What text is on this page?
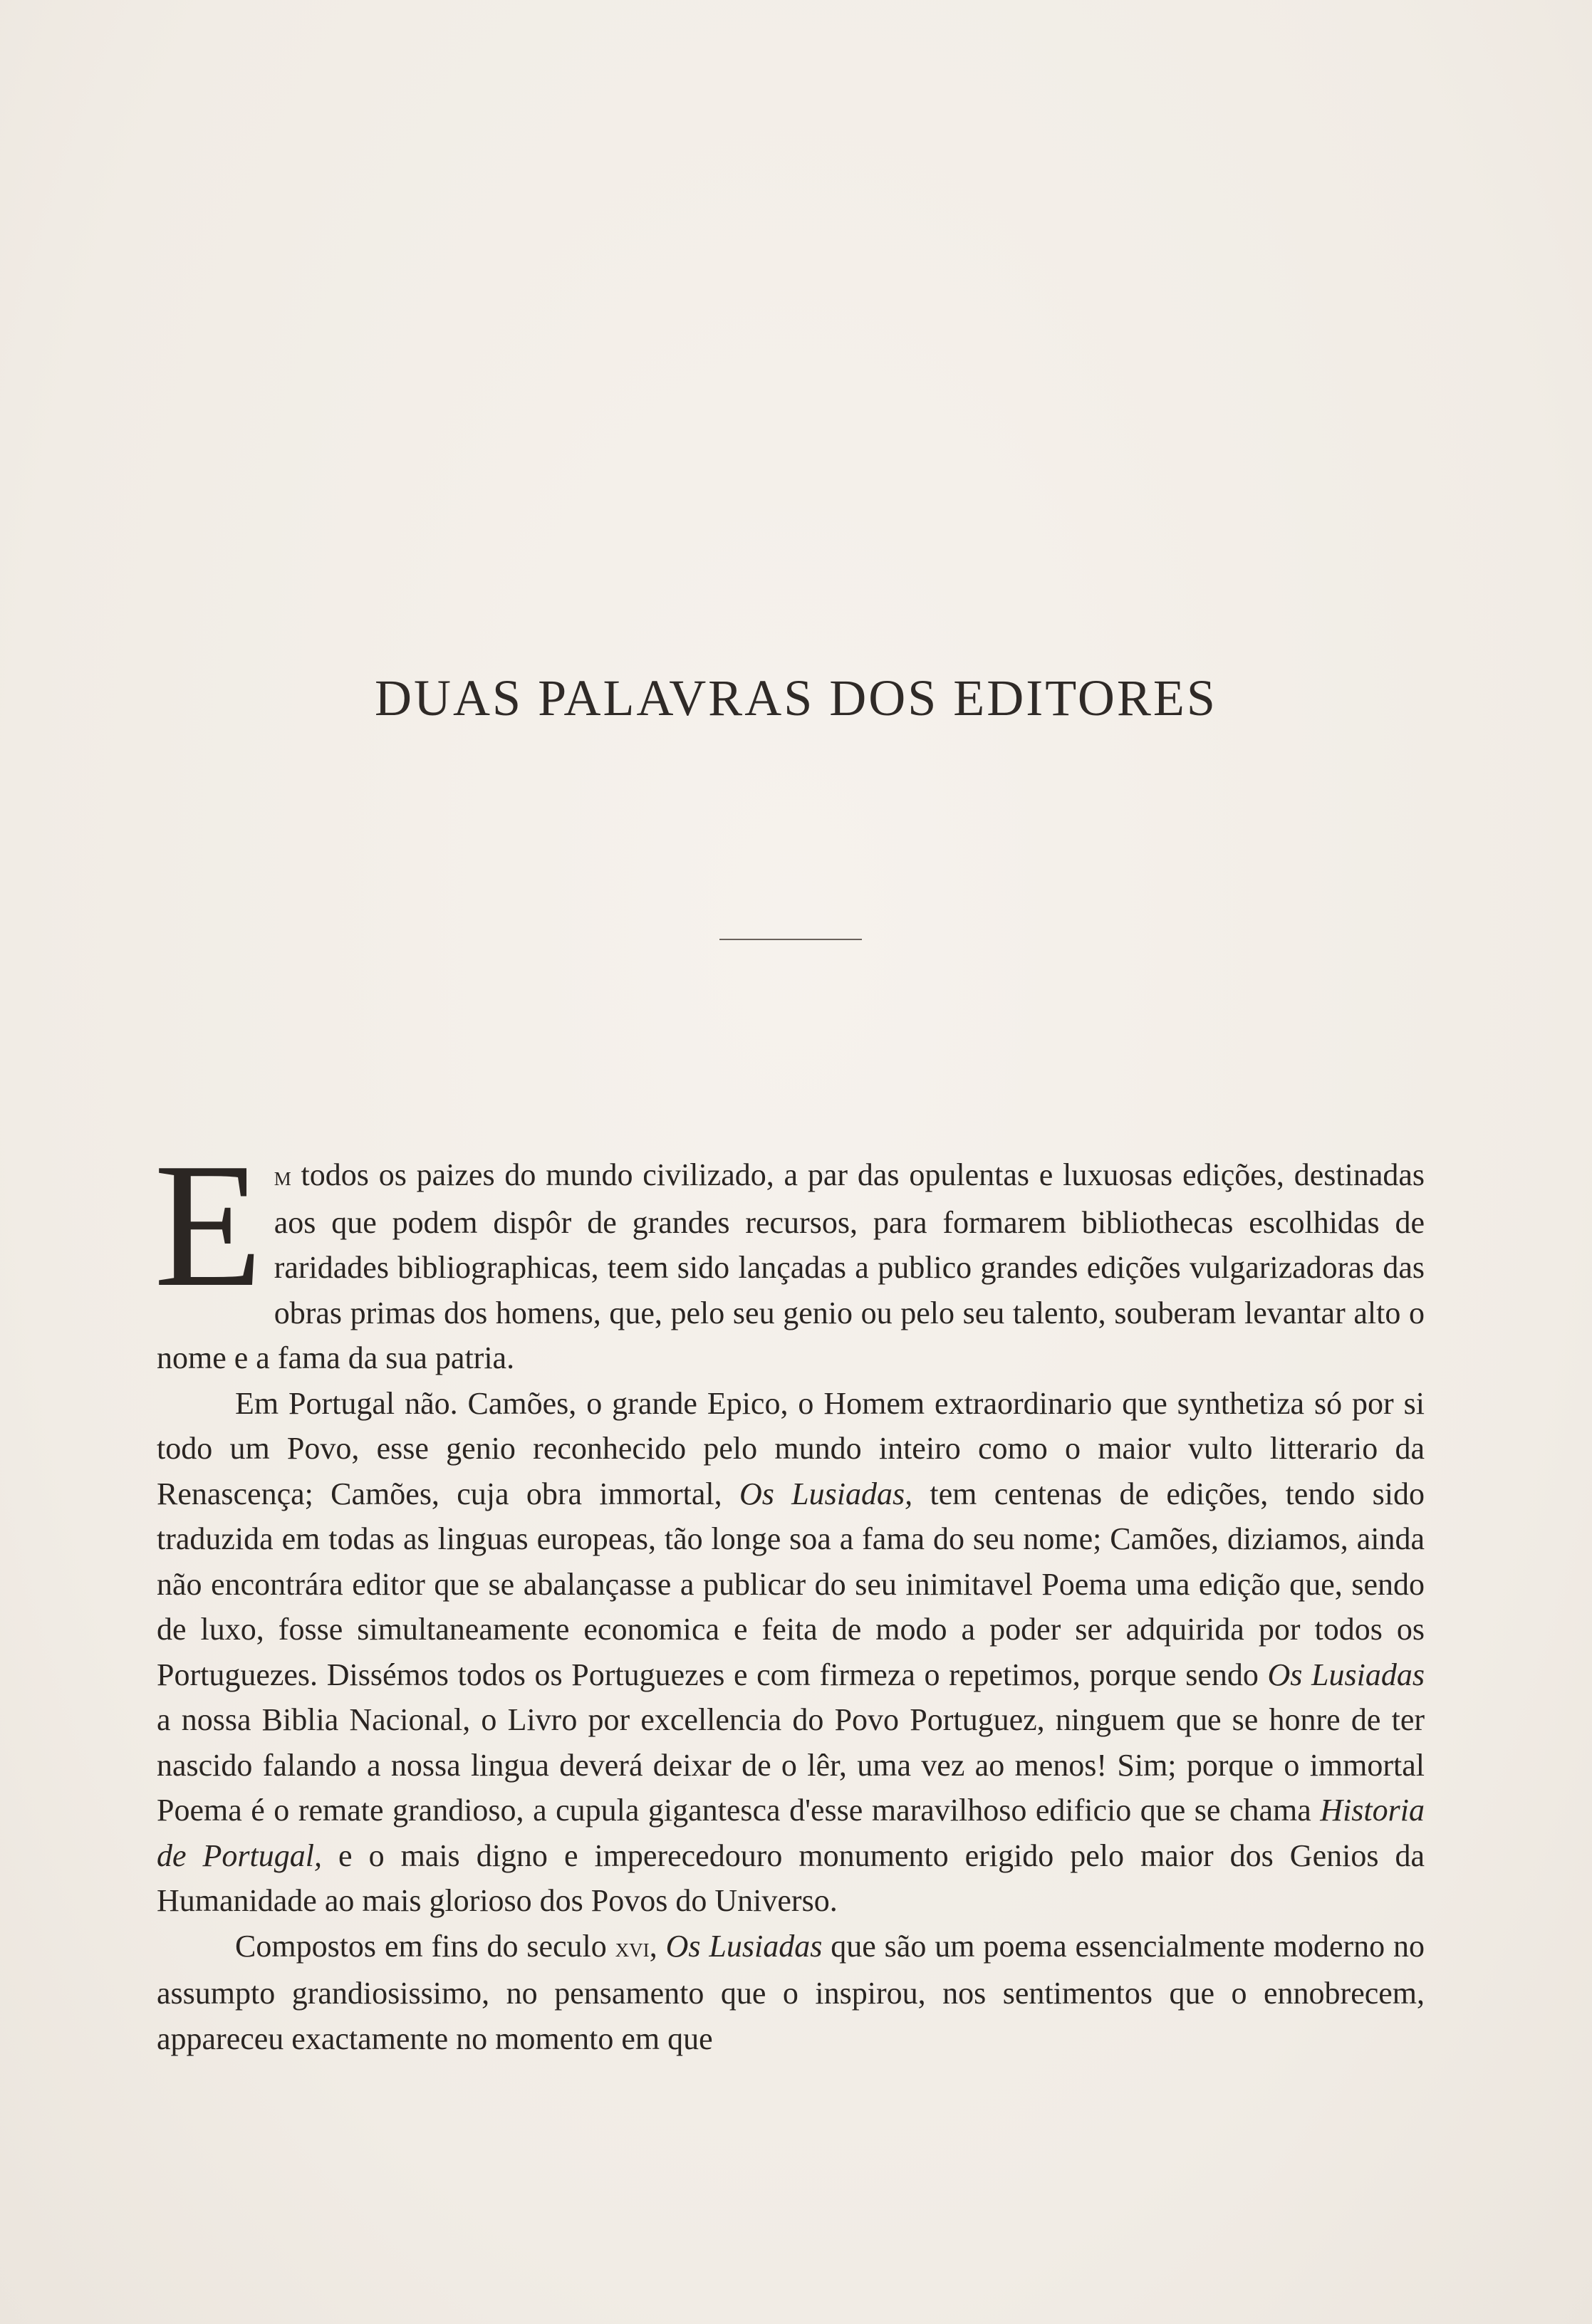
DUAS PALAVRAS DOS EDITORES

Em todos os paizes do mundo civilizado, a par das opulentas e luxuosas edições, destinadas aos que podem dispôr de grandes recursos, para formarem bibliothecas escolhidas de raridades bibliographicas, teem sido lançadas a publico grandes edições vulgarizadoras das obras primas dos homens, que, pelo seu genio ou pelo seu talento, souberam levantar alto o nome e a fama da sua patria.

Em Portugal não. Camões, o grande Epico, o Homem extraordinario que synthetiza só por si todo um Povo, esse genio reconhecido pelo mundo inteiro como o maior vulto litterario da Renascença; Camões, cuja obra immortal, Os Lusiadas, tem centenas de edições, tendo sido traduzida em todas as linguas europeas, tão longe soa a fama do seu nome; Camões, diziamos, ainda não encontrára editor que se abalançasse a publicar do seu inimitavel Poema uma edição que, sendo de luxo, fosse simultaneamente economica e feita de modo a poder ser adquirida por todos os Portuguezes. Dissémos todos os Portuguezes e com firmeza o repetimos, porque sendo Os Lusiadas a nossa Biblia Nacional, o Livro por excellencia do Povo Portuguez, ninguem que se honre de ter nascido falando a nossa lingua deverá deixar de o lêr, uma vez ao menos! Sim; porque o immortal Poema é o remate grandioso, a cupula gigantesca d'esse maravilhoso edificio que se chama Historia de Portugal, e o mais digno e imperecedouro monumento erigido pelo maior dos Genios da Humanidade ao mais glorioso dos Povos do Universo.

Compostos em fins do seculo xvi, Os Lusiadas que são um poema essencialmente moderno no assumpto grandiosissimo, no pensamento que o inspirou, nos sentimentos que o ennobrecem, appareceu exactamente no momento em que
